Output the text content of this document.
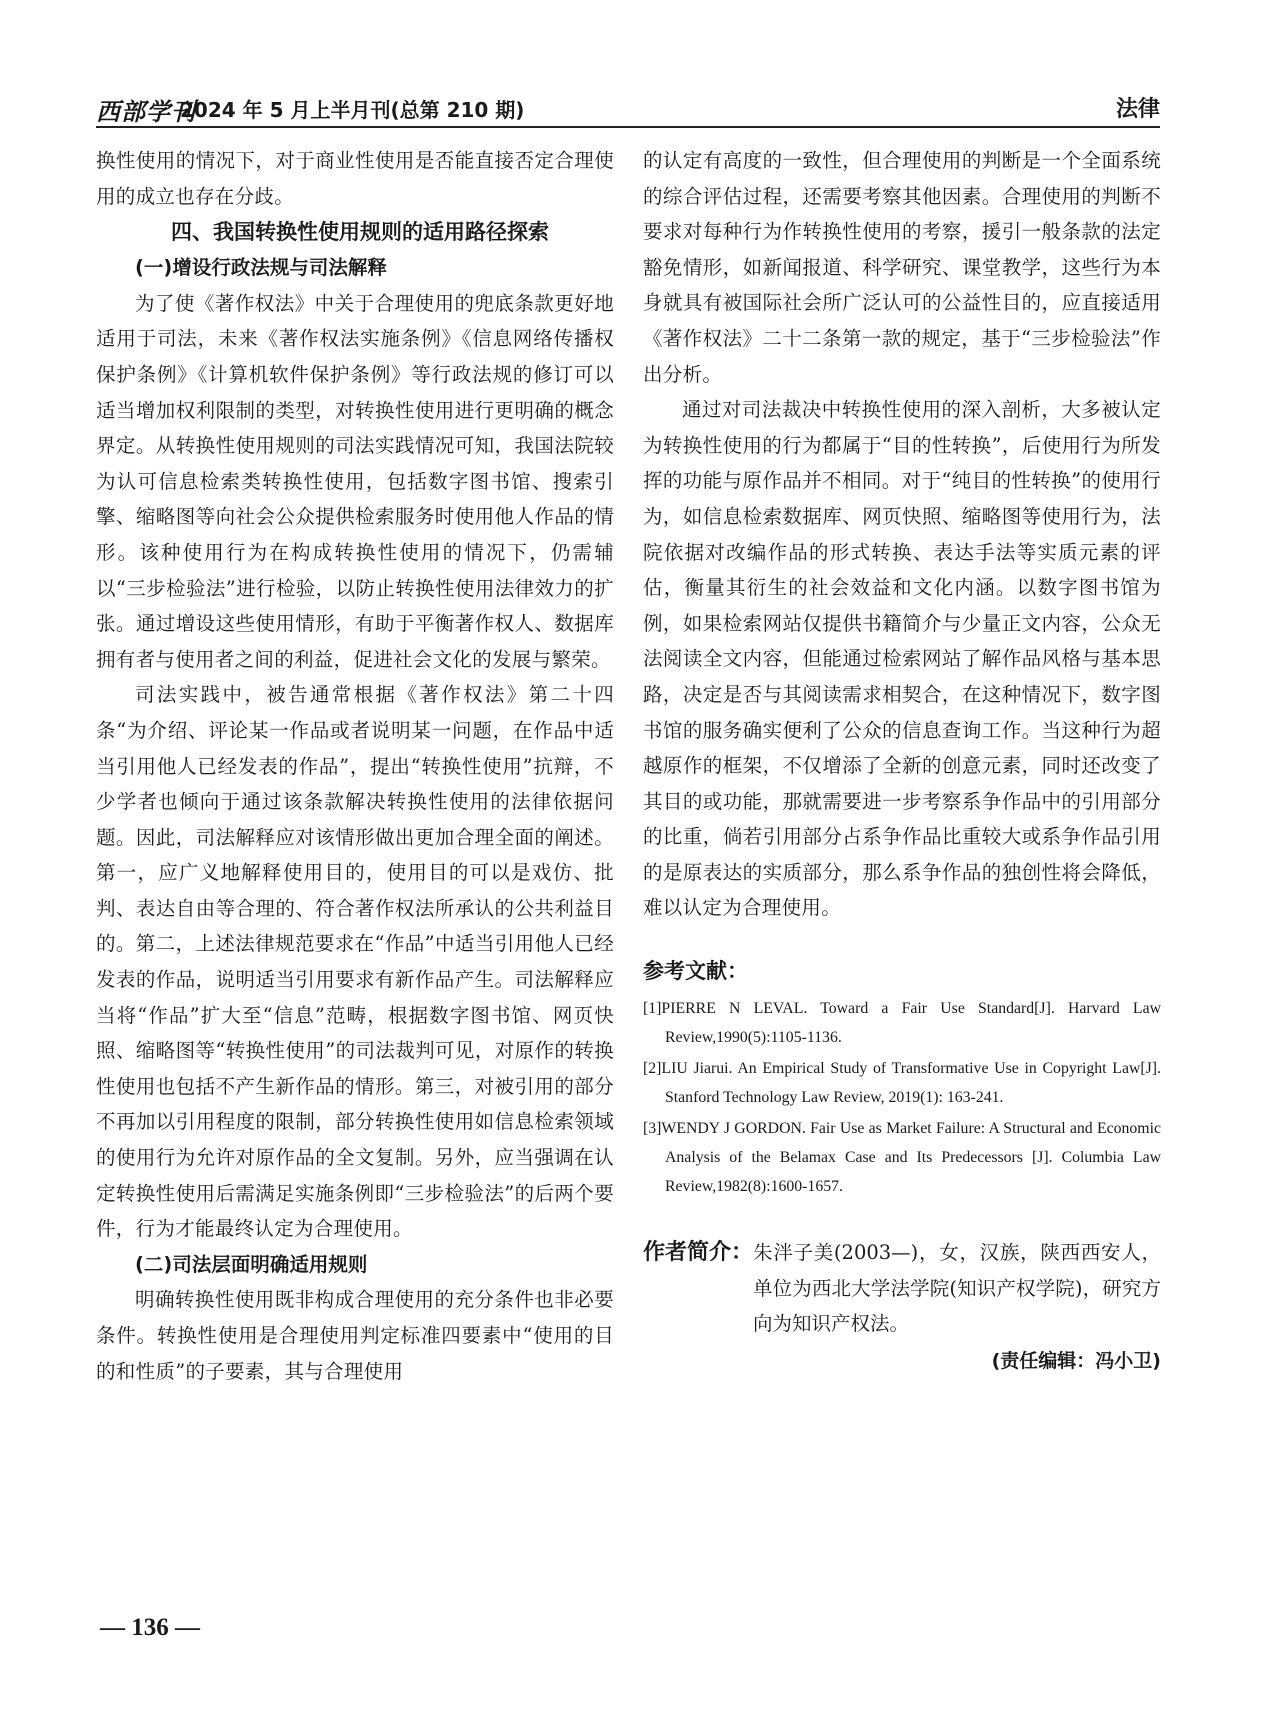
西部学刊
2024 年 5 月上半月刊(总第 210 期)	法律

换性使用的情况下，对于商业性使用是否能直接否定合理使用的成立也存在分歧。

四、我国转换性使用规则的适用路径探索

(一)增设行政法规与司法解释

为了使《著作权法》中关于合理使用的兜底条款更好地适用于司法，未来《著作权法实施条例》《信息网络传播权保护条例》《计算机软件保护条例》等行政法规的修订可以适当增加权利限制的类型，对转换性使用进行更明确的概念界定。从转换性使用规则的司法实践情况可知，我国法院较为认可信息检索类转换性使用，包括数字图书馆、搜索引擎、缩略图等向社会公众提供检索服务时使用他人作品的情形。该种使用行为在构成转换性使用的情况下，仍需辅以“三步检验法”进行检验，以防止转换性使用法律效力的扩张。通过增设这些使用情形，有助于平衡著作权人、数据库拥有者与使用者之间的利益，促进社会文化的发展与繁荣。

司法实践中，被告通常根据《著作权法》第二十四条“为介绍、评论某一作品或者说明某一问题，在作品中适当引用他人已经发表的作品”，提出“转换性使用”抗辩，不少学者也倾向于通过该条款解决转换性使用的法律依据问题。因此，司法解释应对该情形做出更加合理全面的阐述。第一，应广义地解释使用目的，使用目的可以是戏仿、批判、表达自由等合理的、符合著作权法所承认的公共利益目的。第二，上述法律规范要求在“作品”中适当引用他人已经发表的作品，说明适当引用要求有新作品产生。司法解释应当将“作品”扩大至“信息”范畴，根据数字图书馆、网页快照、缩略图等“转换性使用”的司法裁判可见，对原作的转换性使用也包括不产生新作品的情形。第三，对被引用的部分不再加以引用程度的限制，部分转换性使用如信息检索领域的使用行为允许对原作品的全文复制。另外，应当强调在认定转换性使用后需满足实施条例即“三步检验法”的后两个要件，行为才能最终认定为合理使用。

(二)司法层面明确适用规则

明确转换性使用既非构成合理使用的充分条件也非必要条件。转换性使用是合理使用判定标准四要素中“使用的目的和性质”的子要素，其与合理使用

的认定有高度的一致性，但合理使用的判断是一个全面系统的综合评估过程，还需要考察其他因素。合理使用的判断不要求对每种行为作转换性使用的考察，援引一般条款的法定豁免情形，如新闻报道、科学研究、课堂教学，这些行为本身就具有被国际社会所广泛认可的公益性目的，应直接适用《著作权法》二十二条第一款的规定，基于“三步检验法”作出分析。

通过对司法裁决中转换性使用的深入剖析，大多被认定为转换性使用的行为都属于“目的性转换”，后使用行为所发挥的功能与原作品并不相同。对于“纯目的性转换”的使用行为，如信息检索数据库、网页快照、缩略图等使用行为，法院依据对改编作品的形式转换、表达手法等实质元素的评估，衡量其衍生的社会效益和文化内涵。以数字图书馆为例，如果检索网站仅提供书籍简介与少量正文内容，公众无法阅读全文内容，但能通过检索网站了解作品风格与基本思路，决定是否与其阅读需求相契合，在这种情况下，数字图书馆的服务确实便利了公众的信息查询工作。当这种行为超越原作的框架，不仅增添了全新的创意元素，同时还改变了其目的或功能，那就需要进一步考察系争作品中的引用部分的比重，倘若引用部分占系争作品比重较大或系争作品引用的是原表达的实质部分，那么系争作品的独创性将会降低，难以认定为合理使用。

参考文献：

[1]PIERRE N LEVAL. Toward a Fair Use Standard[J]. Harvard Law Review,1990(5):1105-1136.

[2]LIU Jiarui. An Empirical Study of Transformative Use in Copyright Law[J]. Stanford Technology Law Review, 2019(1): 163-241.

[3]WENDY J GORDON. Fair Use as Market Failure: A Structural and Economic Analysis of the Belamax Case and Its Predecessors [J]. Columbia Law Review,1982(8):1600-1657.

作者简介： 朱泮子美(2003—)，女，汉族，陕西西安人，单位为西北大学法学院(知识产权学院)，研究方向为知识产权法。
(责任编辑：冯小卫)
— 136 —
